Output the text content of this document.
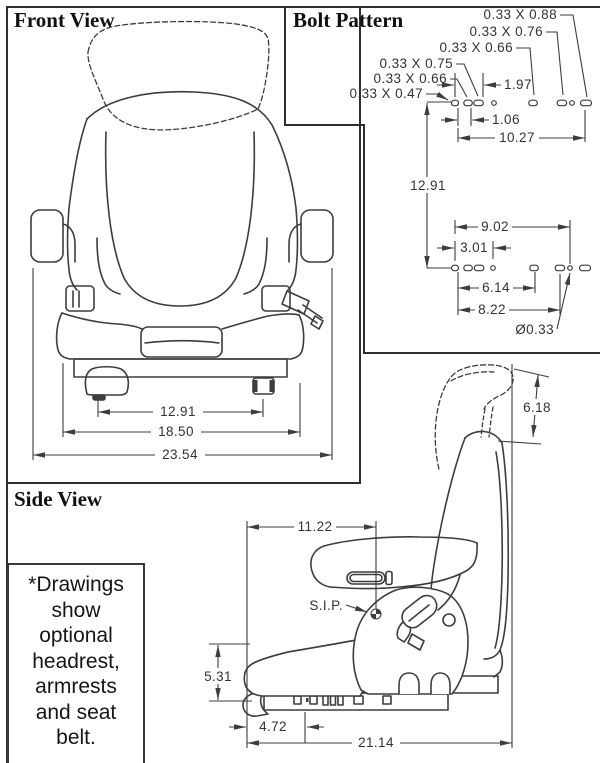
12.91
18.50
23.54
0.33 X 0.88
0.33 X 0.76
0.33 X 0.66
0.33 X 0.75
0.33 X 0.66
0.33 X 0.47
1.97
1.06
10.27
12.91
9.02
3.01
6.14
8.22
Ø0.33
6.18
11.22
S.I.P.
5.31
4.72
21.14
Front View	Bolt Pattern
Side View
*Drawings
show
optional
headrest,
armrests
and seat
belt.
